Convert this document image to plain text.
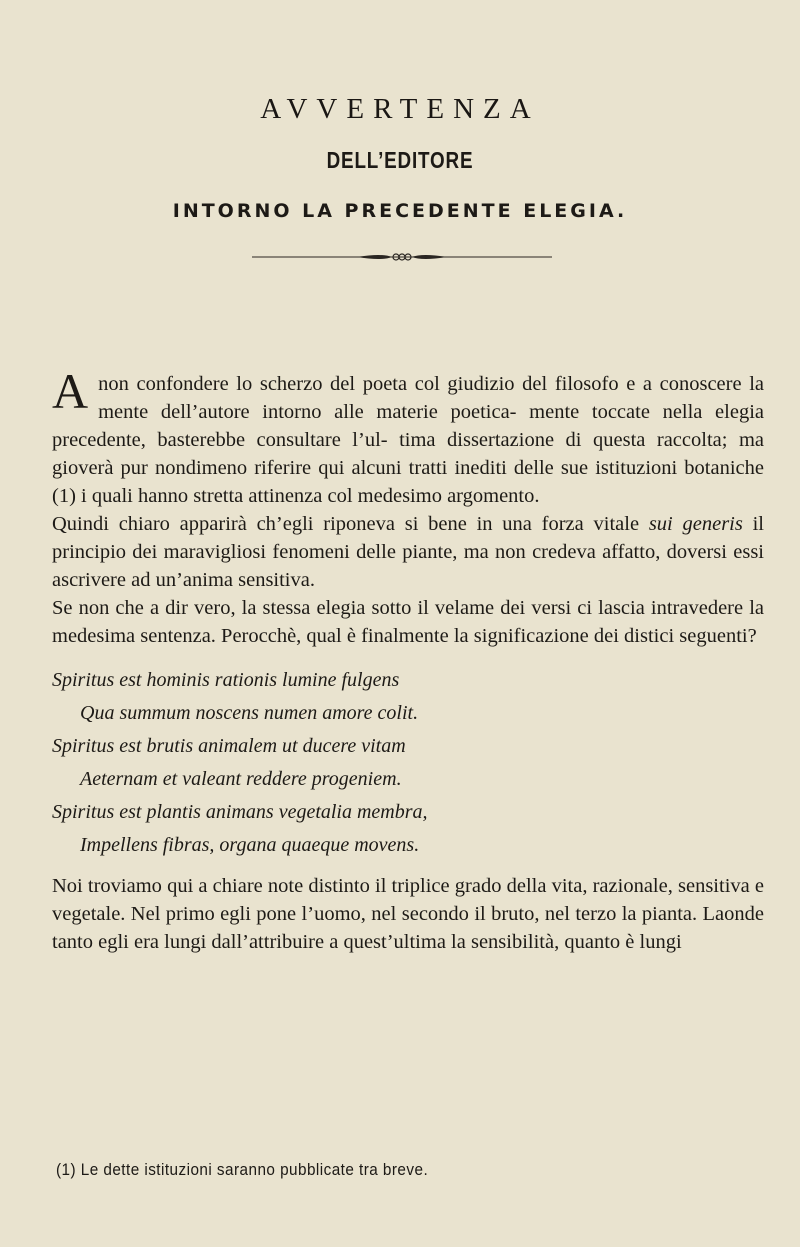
AVVERTENZA
DELL’EDITORE
INTORNO LA PRECEDENTE ELEGIA.

Anon confondere lo scherzo del poeta col giudizio del filosofo e a conoscere la mente dell’autore intorno alle materie poetica- mente toccate nella elegia precedente, basterebbe consultare l’ul- tima dissertazione di questa raccolta; ma gioverà pur nondimeno riferire qui alcuni tratti inediti delle sue istituzioni botaniche (1) i quali hanno stretta attinenza col medesimo argomento.

Quindi chiaro apparirà ch’egli riponeva si bene in una forza vitale sui generis il principio dei maravigliosi fenomeni delle piante, ma non credeva affatto, doversi essi ascrivere ad un’anima sensitiva.

Se non che a dir vero, la stessa elegia sotto il velame dei versi ci lascia intravedere la medesima sentenza. Perocchè, qual è finalmente la significazione dei distici seguenti?

Spiritus est hominis rationis lumine fulgens
Qua summum noscens numen amore colit.
Spiritus est brutis animalem ut ducere vitam
Aeternam et valeant reddere progeniem.
Spiritus est plantis animans vegetalia membra,
Impellens fibras, organa quaeque movens.

Noi troviamo qui a chiare note distinto il triplice grado della vita, razionale, sensitiva e vegetale. Nel primo egli pone l’uomo, nel secondo il bruto, nel terzo la pianta. Laonde tanto egli era lungi dall’attribuire a quest’ultima la sensibilità, quanto è lungi

(1) Le dette istituzioni saranno pubblicate tra breve.
